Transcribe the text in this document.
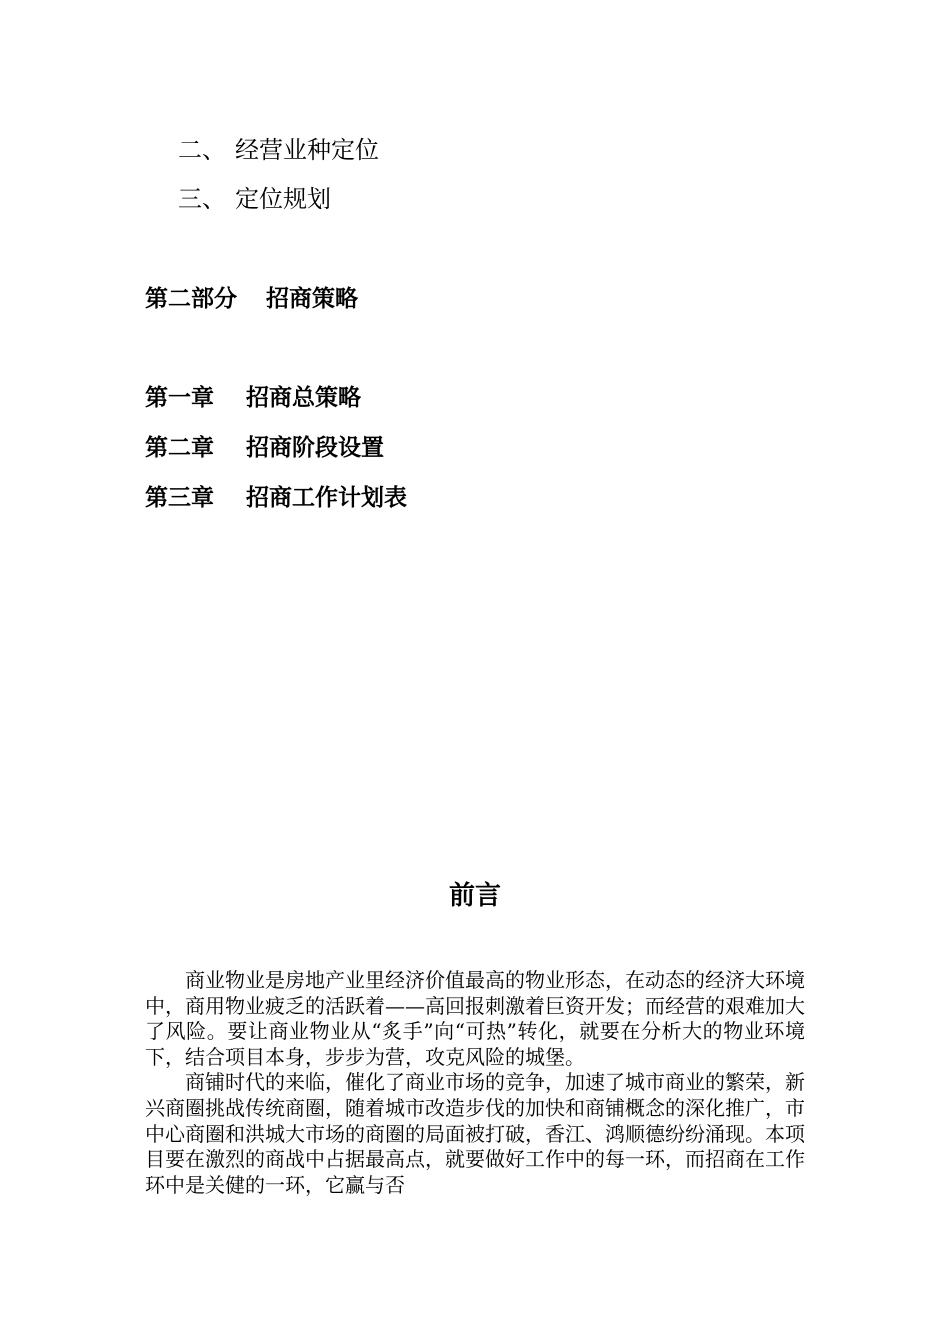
二、 经营业种定位
三、 定位规划
第二部分 招商策略
第一章 招商总策略
第二章 招商阶段设置
第三章 招商工作计划表
前言

商业物业是房地产业里经济价值最高的物业形态，在动态的经济大环境中，商用物业疲乏的活跃着——高回报刺激着巨资开发；而经营的艰难加大了风险。要让商业物业从“炙手”向“可热”转化，就要在分析大的物业环境下，结合项目本身，步步为营，攻克风险的城堡。

商铺时代的来临，催化了商业市场的竞争，加速了城市商业的繁荣，新兴商圈挑战传统商圈，随着城市改造步伐的加快和商铺概念的深化推广，市中心商圈和洪城大市场的商圈的局面被打破，香江、鸿顺德纷纷涌现。本项目要在激烈的商战中占据最高点，就要做好工作中的每一环，而招商在工作环中是关健的一环，它赢与否
